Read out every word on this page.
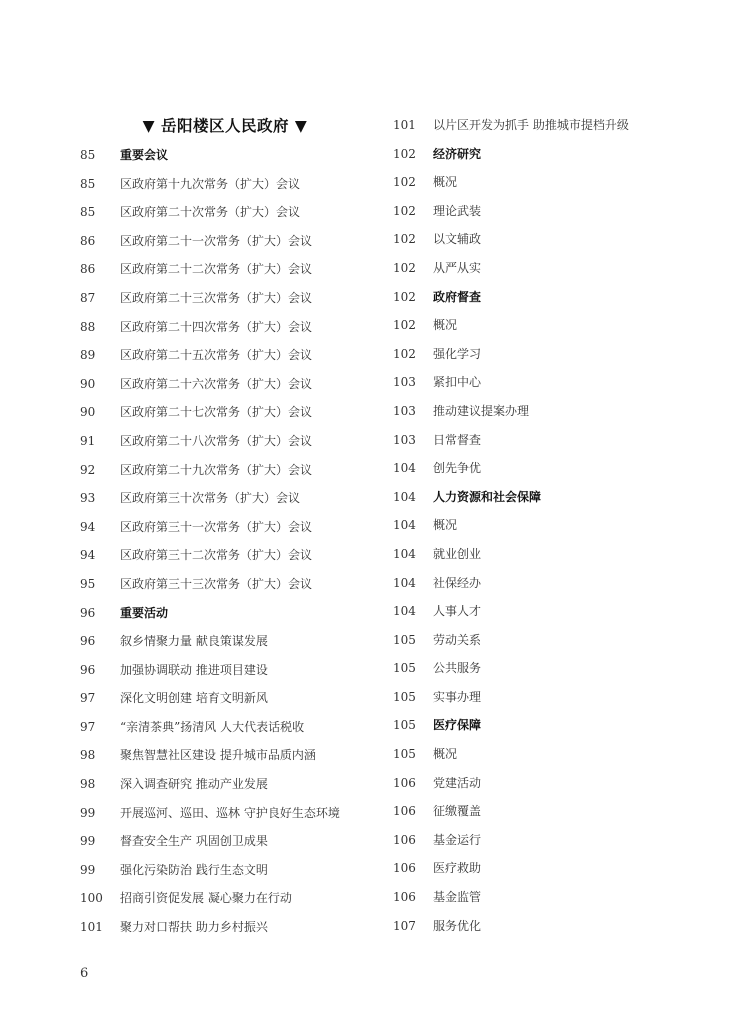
▼ 岳阳楼区人民政府 ▼
85	重要会议
85	区政府第十九次常务（扩大）会议
85	区政府第二十次常务（扩大）会议
86	区政府第二十一次常务（扩大）会议
86	区政府第二十二次常务（扩大）会议
87	区政府第二十三次常务（扩大）会议
88	区政府第二十四次常务（扩大）会议
89	区政府第二十五次常务（扩大）会议
90	区政府第二十六次常务（扩大）会议
90	区政府第二十七次常务（扩大）会议
91	区政府第二十八次常务（扩大）会议
92	区政府第二十九次常务（扩大）会议
93	区政府第三十次常务（扩大）会议
94	区政府第三十一次常务（扩大）会议
94	区政府第三十二次常务（扩大）会议
95	区政府第三十三次常务（扩大）会议
96	重要活动
96	叙乡情聚力量 献良策谋发展
96	加强协调联动 推进项目建设
97	深化文明创建 培育文明新风
97	“亲清茶典”扬清风 人大代表话税收
98	聚焦智慧社区建设 提升城市品质内涵
98	深入调查研究 推动产业发展
99	开展巡河、巡田、巡林 守护良好生态环境
99	督查安全生产 巩固创卫成果
99	强化污染防治 践行生态文明
100	招商引资促发展 凝心聚力在行动
101	聚力对口帮扶 助力乡村振兴
101	以片区开发为抓手 助推城市提档升级
102	经济研究
102	概况
102	理论武装
102	以文辅政
102	从严从实
102	政府督查
102	概况
102	强化学习
103	紧扣中心
103	推动建议提案办理
103	日常督查
104	创先争优
104	人力资源和社会保障
104	概况
104	就业创业
104	社保经办
104	人事人才
105	劳动关系
105	公共服务
105	实事办理
105	医疗保障
105	概况
106	党建活动
106	征缴覆盖
106	基金运行
106	医疗救助
106	基金监管
107	服务优化
6
